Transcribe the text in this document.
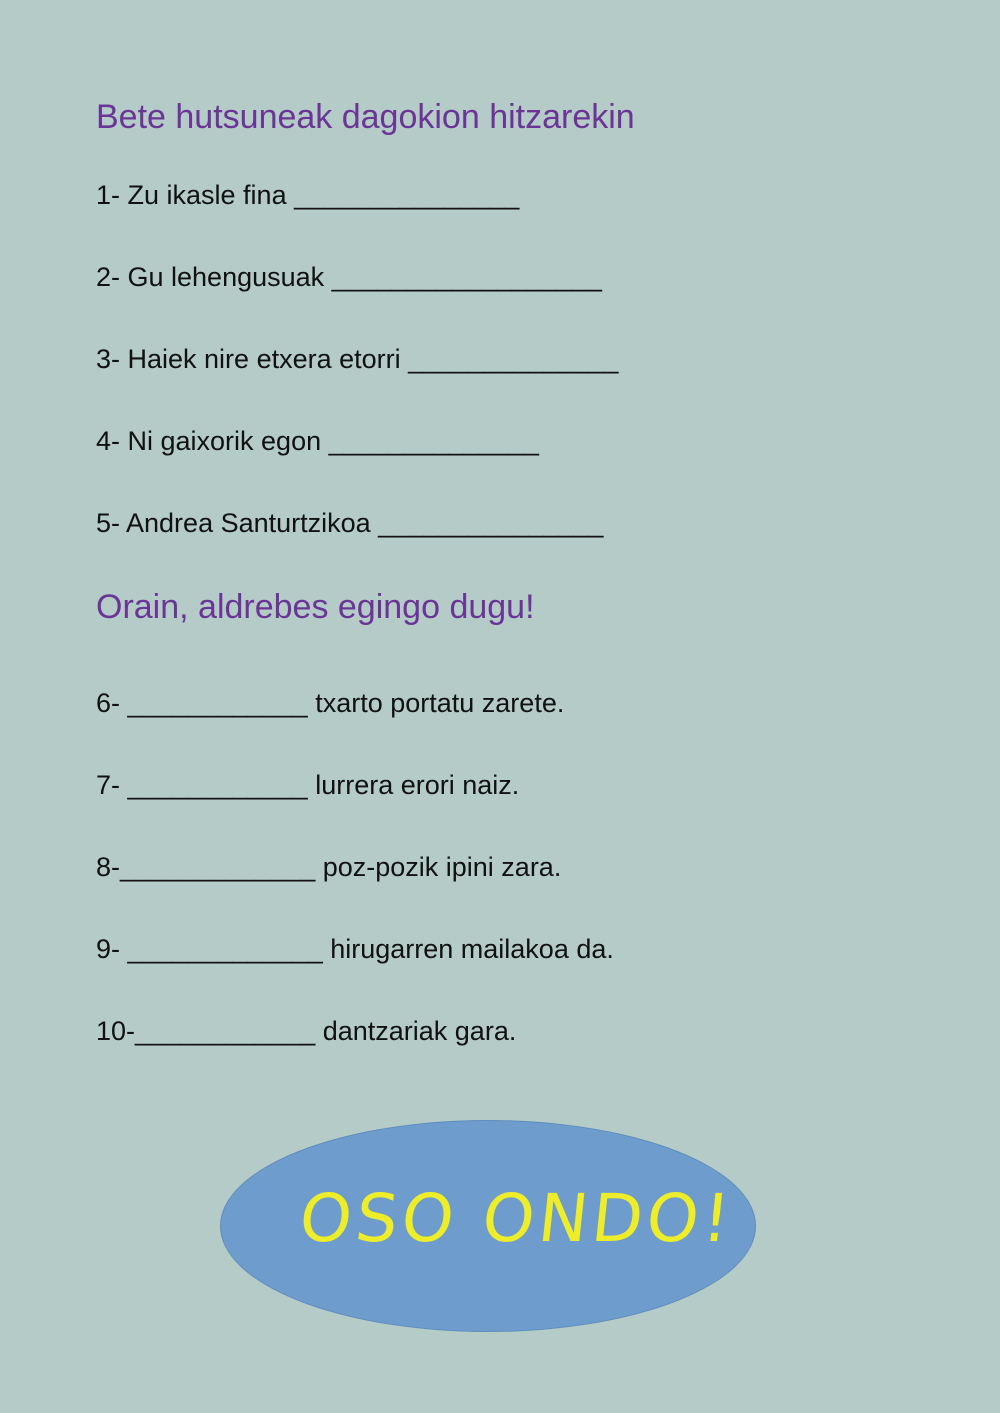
Bete hutsuneak dagokion hitzarekin
1- Zu ikasle fina _______________
2- Gu lehengusuak __________________
3- Haiek nire etxera etorri ______________
4- Ni gaixorik egon ______________
5- Andrea Santurtzikoa _______________
Orain, aldrebes egingo dugu!
6- ____________ txarto portatu zarete.
7- ____________ lurrera erori naiz.
8-_____________ poz-pozik ipini zara.
9- _____________ hirugarren mailakoa da.
10-____________ dantzariak gara.
OSO ONDO!
